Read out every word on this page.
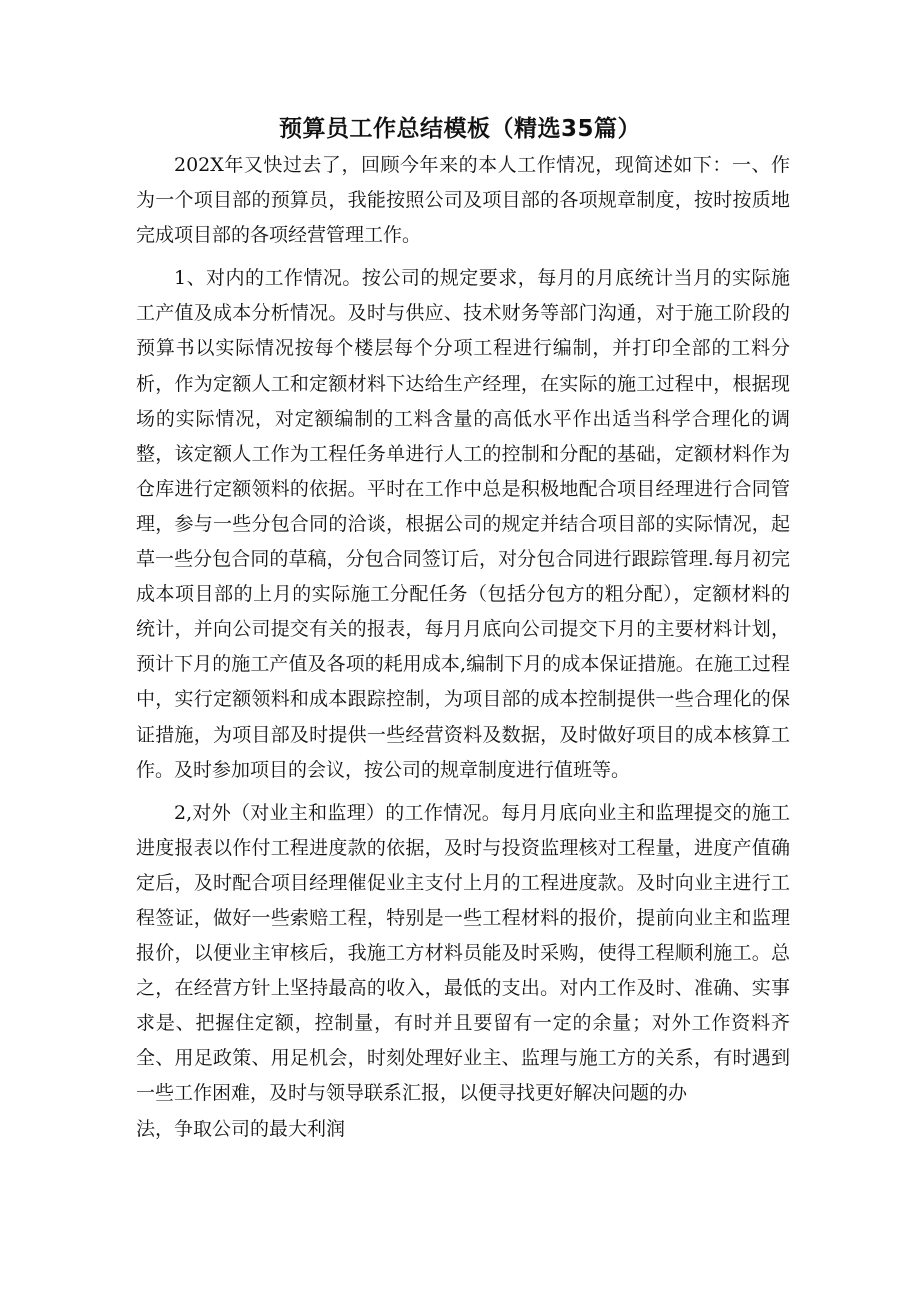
预算员工作总结模板（精选35篇）

202X年又快过去了，回顾今年来的本人工作情况，现简述如下：一、作为一个项目部的预算员，我能按照公司及项目部的各项规章制度，按时按质地完成项目部的各项经营管理工作。

1、对内的工作情况。按公司的规定要求，每月的月底统计当月的实际施工产值及成本分析情况。及时与供应、技术财务等部门沟通，对于施工阶段的预算书以实际情况按每个楼层每个分项工程进行编制，并打印全部的工料分析，作为定额人工和定额材料下达给生产经理，在实际的施工过程中，根据现场的实际情况，对定额编制的工料含量的高低水平作出适当科学合理化的调整，该定额人工作为工程任务单进行人工的控制和分配的基础，定额材料作为仓库进行定额领料的依据。平时在工作中总是积极地配合项目经理进行合同管理，参与一些分包合同的洽谈，根据公司的规定并结合项目部的实际情况，起草一些分包合同的草稿，分包合同签订后，对分包合同进行跟踪管理.每月初完成本项目部的上月的实际施工分配任务（包括分包方的粗分配），定额材料的统计，并向公司提交有关的报表，每月月底向公司提交下月的主要材料计划，预计下月的施工产值及各项的耗用成本,编制下月的成本保证措施。在施工过程中，实行定额领料和成本跟踪控制，为项目部的成本控制提供一些合理化的保证措施，为项目部及时提供一些经营资料及数据，及时做好项目的成本核算工作。及时参加项目的会议，按公司的规章制度进行值班等。

2,对外（对业主和监理）的工作情况。每月月底向业主和监理提交的施工进度报表以作付工程进度款的依据，及时与投资监理核对工程量，进度产值确定后，及时配合项目经理催促业主支付上月的工程进度款。及时向业主进行工程签证，做好一些索赔工程，特别是一些工程材料的报价，提前向业主和监理报价，以便业主审核后，我施工方材料员能及时采购，使得工程顺利施工。总之，在经营方针上坚持最高的收入，最低的支出。对内工作及时、准确、实事求是、把握住定额，控制量，有时并且要留有一定的余量；对外工作资料齐全、用足政策、用足机会，时刻处理好业主、监理与施工方的关系，有时遇到一些工作困难，及时与领导联系汇报，以便寻找更好解决问题的办

法，争取公司的最大利润
